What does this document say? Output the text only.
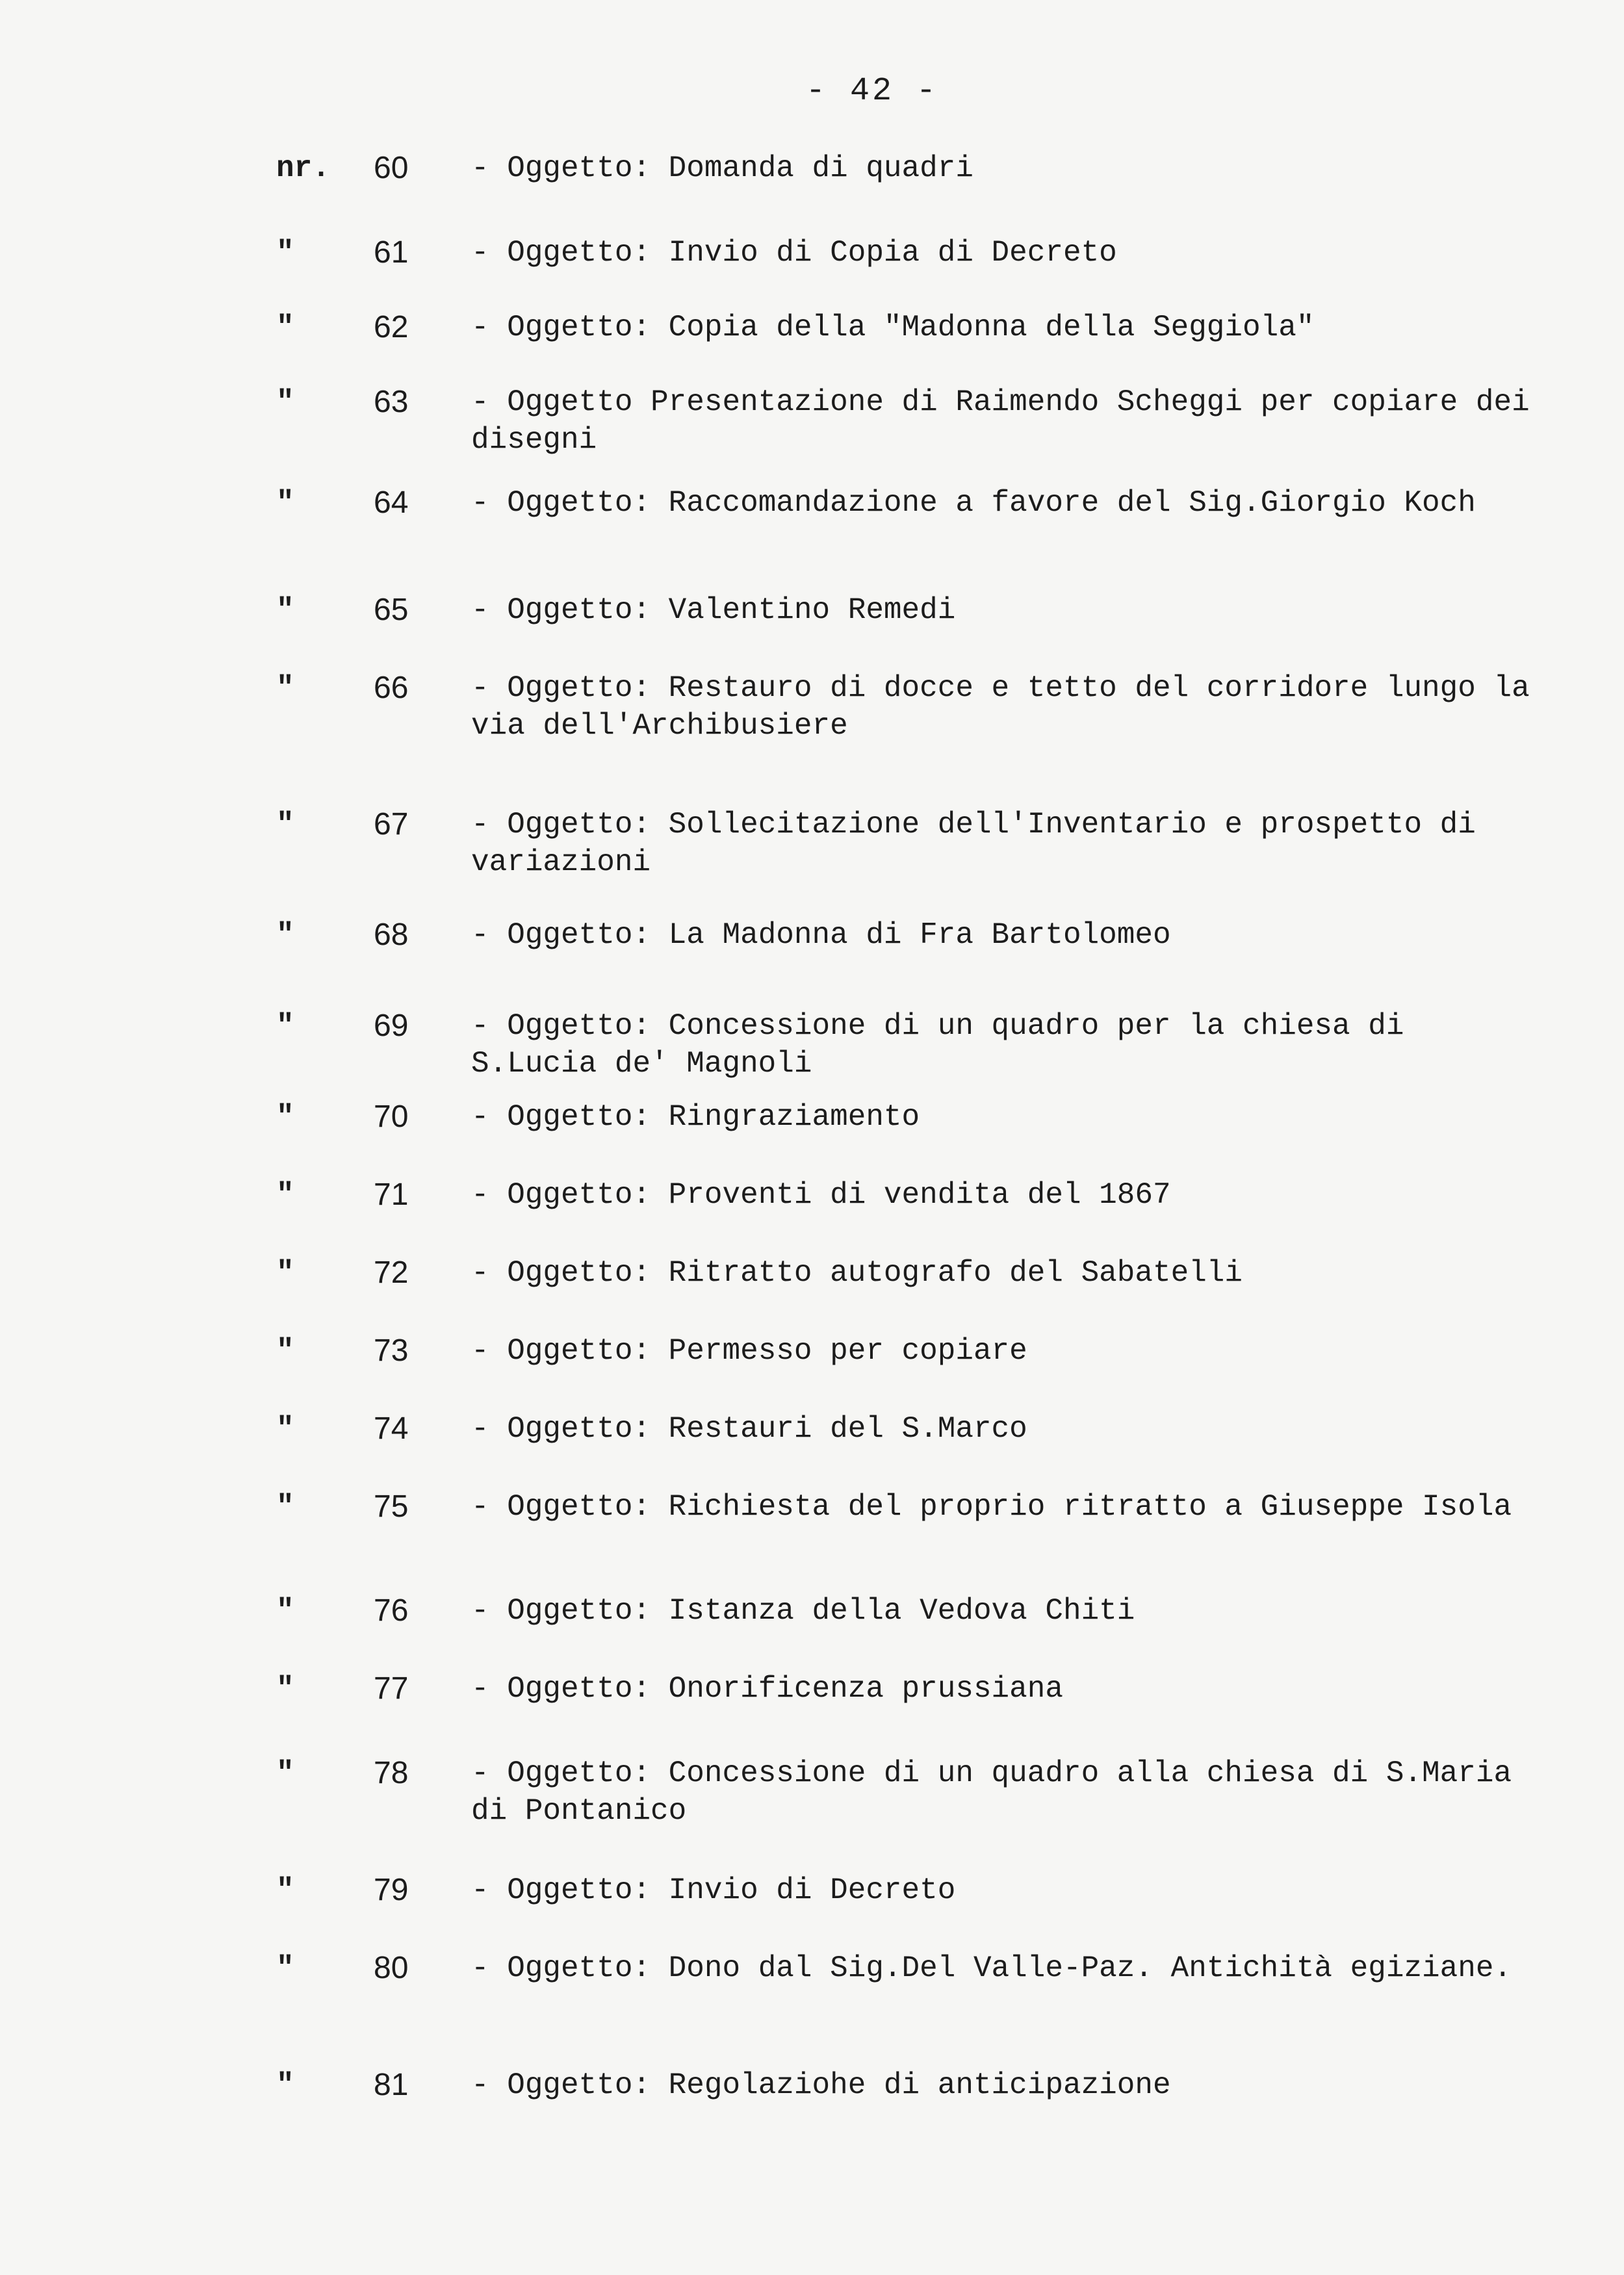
- 42 -
nr. 60 - Oggetto: Domanda di quadri
"	61 - Oggetto: Invio di Copia di Decreto
"	62 - Oggetto: Copia della "Madonna della Seggiola"
"	63 - Oggetto Presentazione di Raimendo Scheggi per copiare dei disegni
"	64 - Oggetto: Raccomandazione a favore del Sig.Giorgio Koch
"	65 - Oggetto: Valentino Remedi
"	66 - Oggetto: Restauro di docce e tetto del corridore lungo la via dell'Archibusiere
"	67 - Oggetto: Sollecitazione dell'Inventario e prospetto di variazioni
"	68 - Oggetto: La Madonna di Fra Bartolomeo
"	69 - Oggetto: Concessione di un quadro per la chiesa di S.Lucia de' Magnoli
"	70 - Oggetto: Ringraziamento
"	71 - Oggetto: Proventi di vendita del 1867
"	72 - Oggetto: Ritratto autografo del Sabatelli
"	73 - Oggetto: Permesso per copiare
"	74 - Oggetto: Restauri del S.Marco
"	75 - Oggetto: Richiesta del proprio ritratto a Giuseppe Isola
"	76 - Oggetto: Istanza della Vedova Chiti
"	77 - Oggetto: Onorificenza prussiana
"	78 - Oggetto: Concessione di un quadro alla chiesa di S.Maria di Pontanico
"	79 - Oggetto: Invio di Decreto
"	80 - Oggetto: Dono dal Sig.Del Valle-Paz. Antichità egiziane.
"	81 - Oggetto: Regolaziohe di anticipazione
